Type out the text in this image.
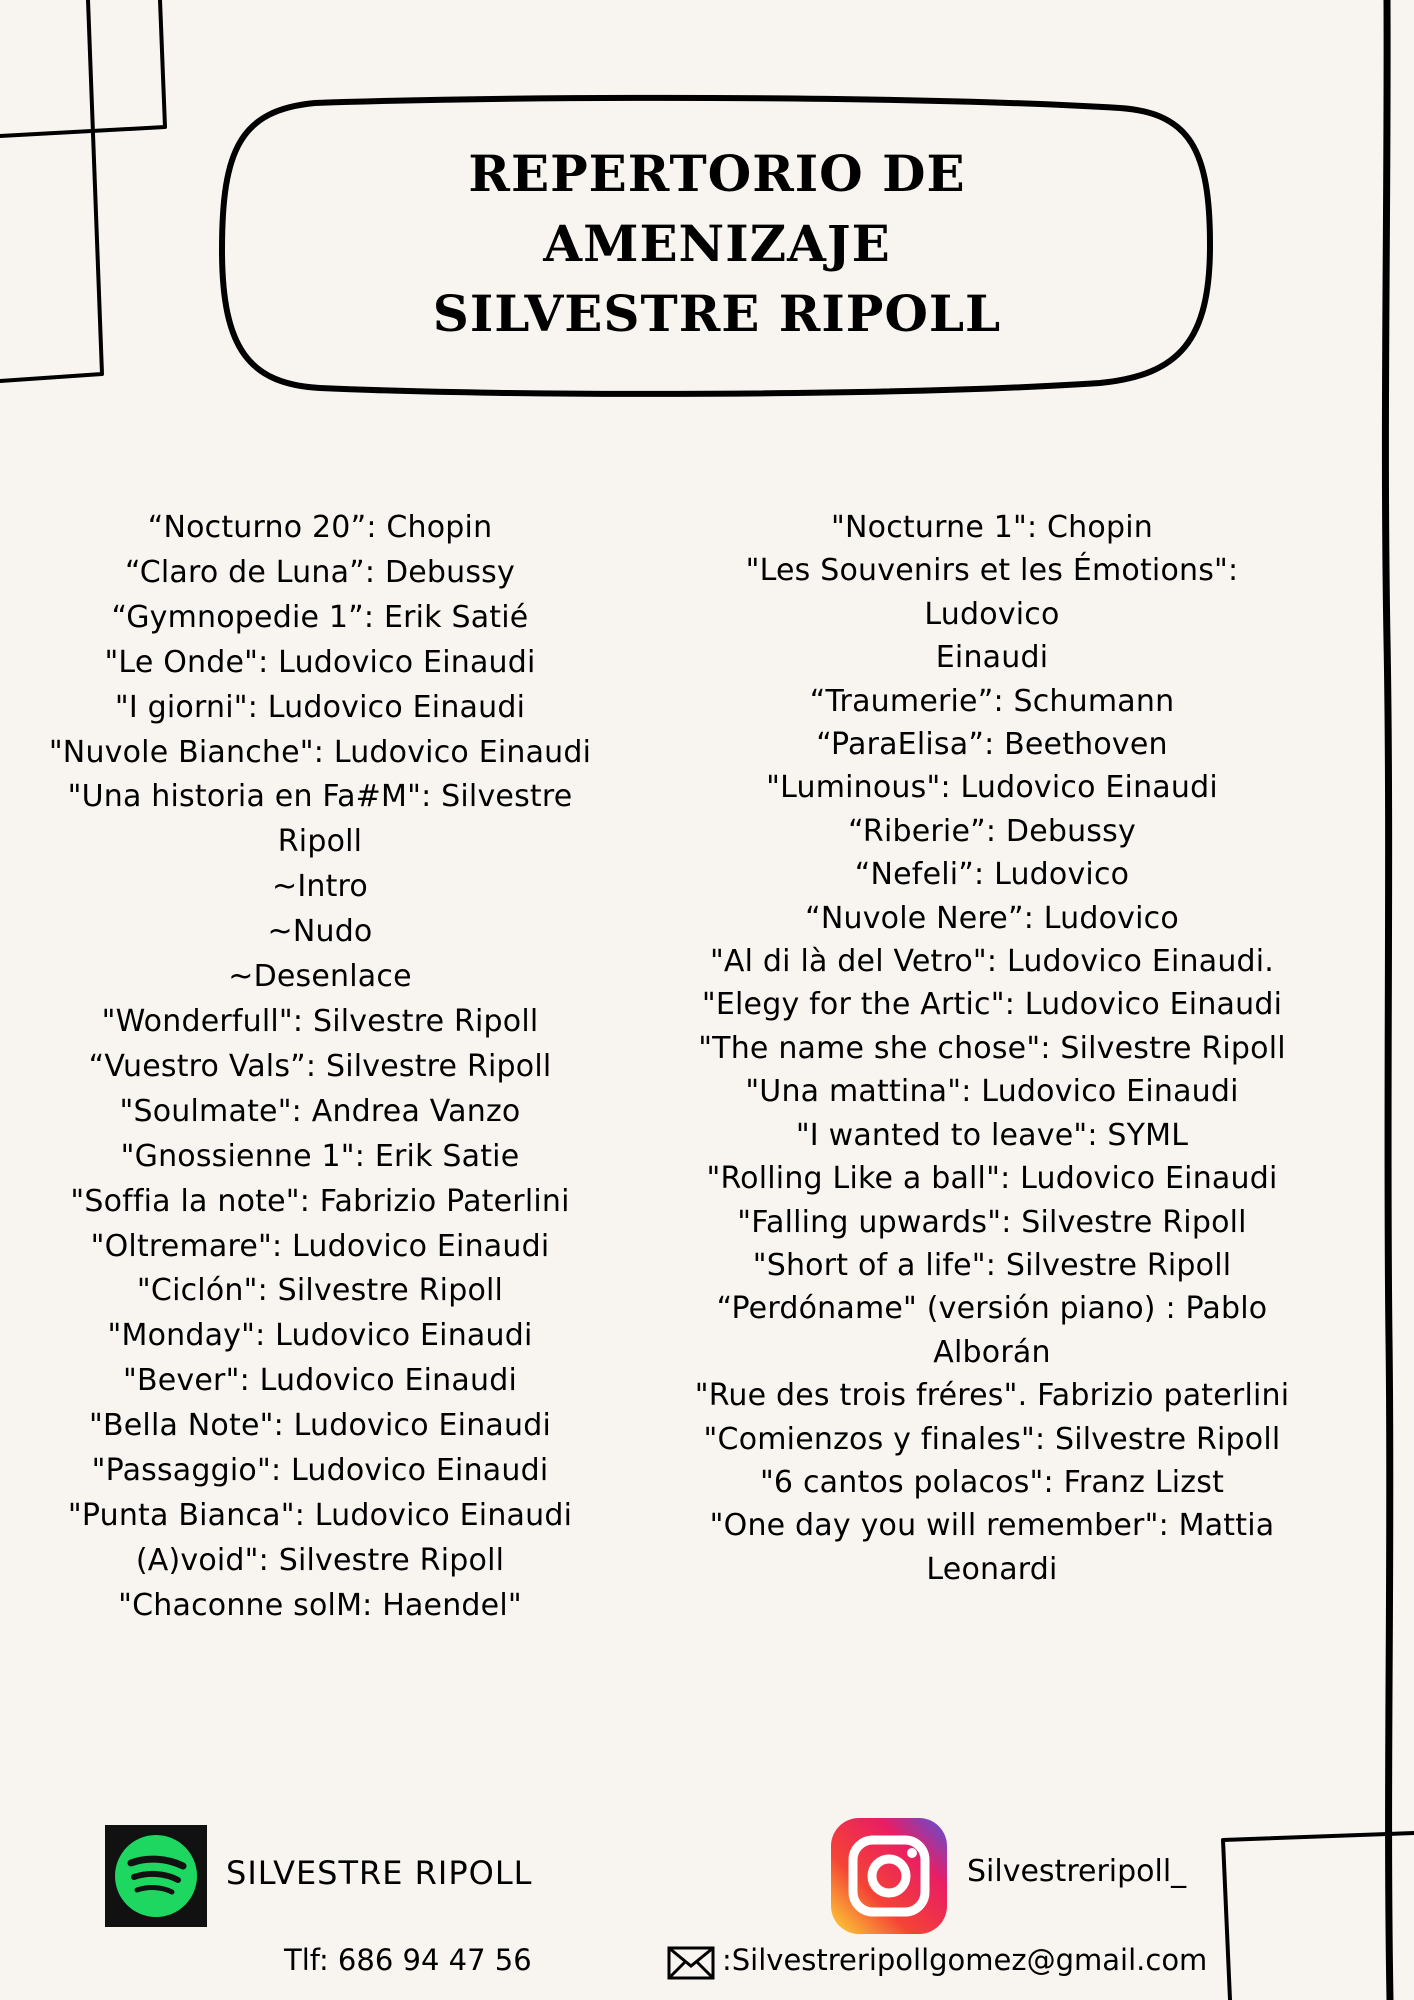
REPERTORIO DE
AMENIZAJE
SILVESTRE RIPOLL
“Nocturno 20”: Chopin
“Claro de Luna”: Debussy
“Gymnopedie 1”: Erik Satié
"Le Onde": Ludovico Einaudi
"I giorni": Ludovico Einaudi
"Nuvole Bianche": Ludovico Einaudi
"Una historia en Fa#M": Silvestre
Ripoll
~Intro
~Nudo
~Desenlace
"Wonderfull": Silvestre Ripoll
“Vuestro Vals”: Silvestre Ripoll
"Soulmate": Andrea Vanzo
"Gnossienne 1": Erik Satie
"Soffia la note": Fabrizio Paterlini
"Oltremare": Ludovico Einaudi
"Ciclón": Silvestre Ripoll
"Monday": Ludovico Einaudi
"Bever": Ludovico Einaudi
"Bella Note": Ludovico Einaudi
"Passaggio": Ludovico Einaudi
"Punta Bianca": Ludovico Einaudi
(A)void": Silvestre Ripoll
"Chaconne solM: Haendel"
"Nocturne 1": Chopin
"Les Souvenirs et les Émotions":
Ludovico
Einaudi
“Traumerie”: Schumann
“ParaElisa”: Beethoven
"Luminous": Ludovico Einaudi
“Riberie”: Debussy
“Nefeli”: Ludovico
“Nuvole Nere”: Ludovico
"Al di là del Vetro": Ludovico Einaudi.
"Elegy for the Artic": Ludovico Einaudi
"The name she chose": Silvestre Ripoll
"Una mattina": Ludovico Einaudi
"I wanted to leave": SYML
"Rolling Like a ball": Ludovico Einaudi
"Falling upwards": Silvestre Ripoll
"Short of a life": Silvestre Ripoll
“Perdóname" (versión piano) : Pablo
Alborán
"Rue des trois fréres". Fabrizio paterlini
"Comienzos y finales": Silvestre Ripoll
"6 cantos polacos": Franz Lizst
"One day you will remember": Mattia
Leonardi
SILVESTRE RIPOLL	Silvestreripoll_
Tlf: 686 94 47 56	:Silvestreripollgomez@gmail.com
